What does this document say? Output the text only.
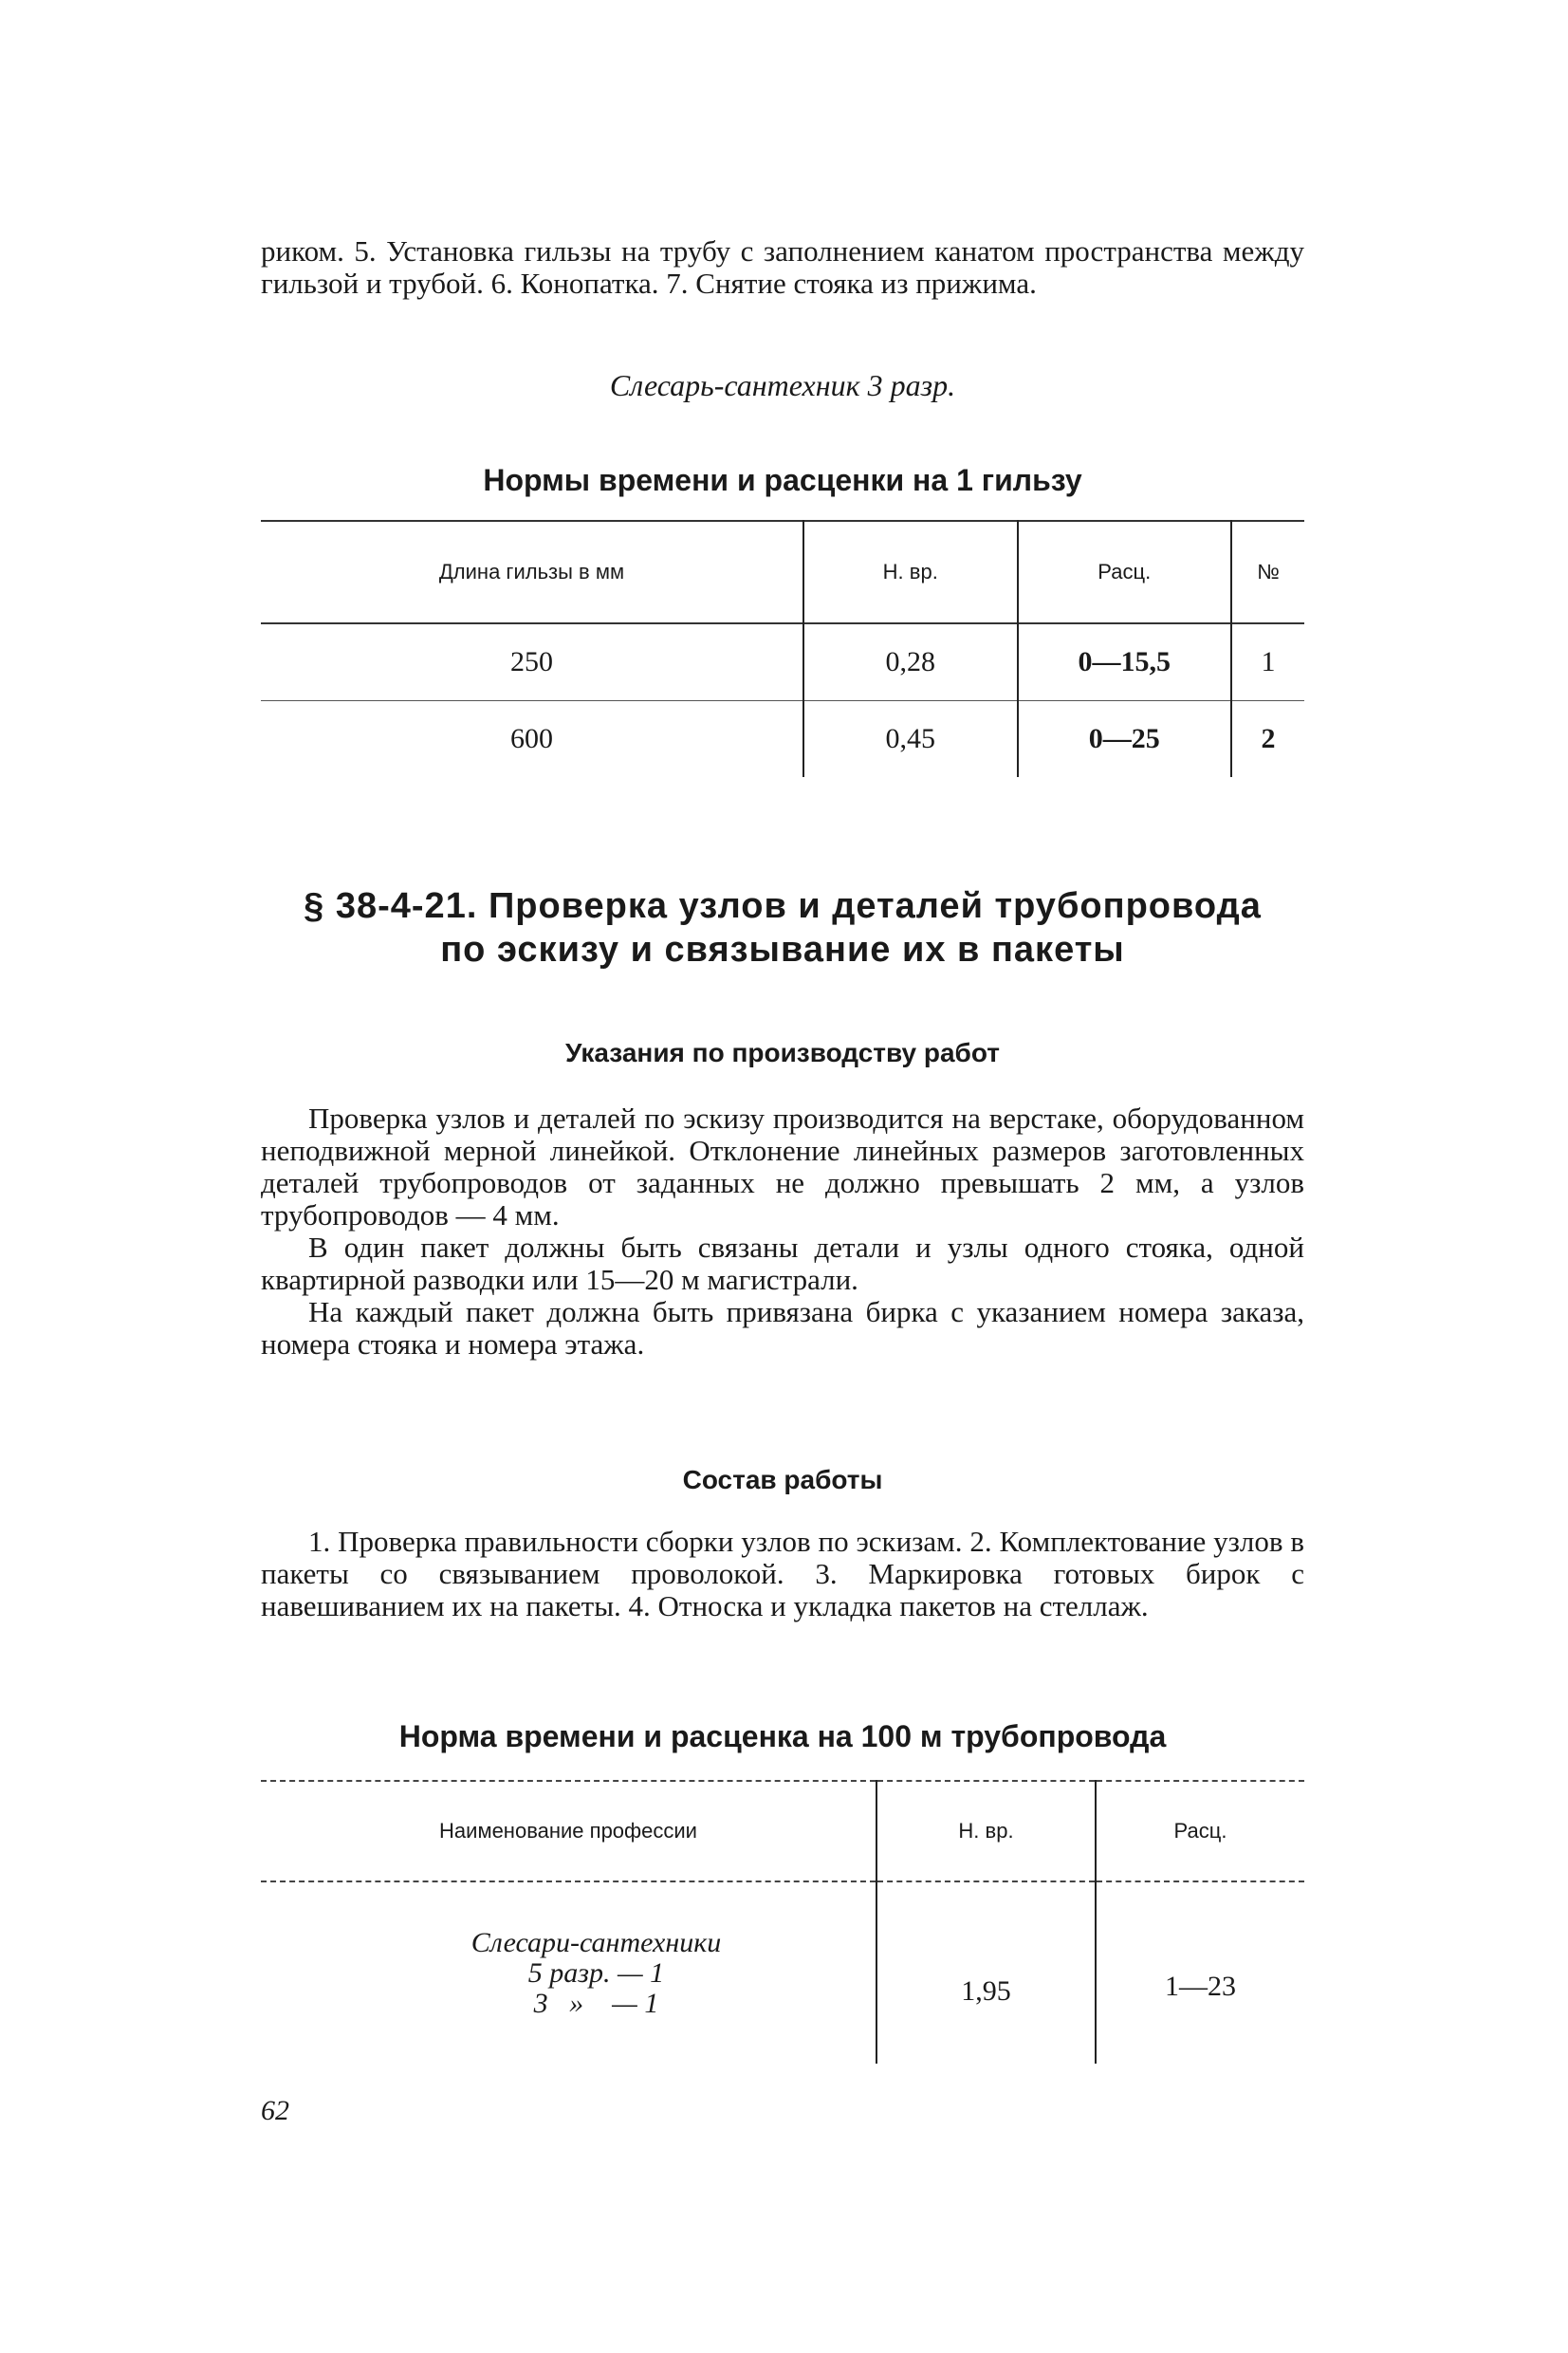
риком. 5. Установка гильзы на трубу с заполнением канатом пространства между гильзой и трубой. 6. Конопатка. 7. Снятие стояка из прижима.

Слесарь-сантехник 3 разр.
Нормы времени и расценки на 1 гильзу
Длина гильзы в мм	Н. вр.	Расц.	№
250	0,28	0—15,5	1
600	0,45	0—25	2
§ 38-4-21. Проверка узлов и деталей трубопровода
по эскизу и связывание их в пакеты
Указания по производству работ

Проверка узлов и деталей по эскизу производится на верстаке, оборудованном неподвижной мерной линейкой. Отклонение линейных размеров заготовленных деталей трубопроводов от заданных не должно превышать 2 мм, а узлов трубопроводов — 4 мм.

В один пакет должны быть связаны детали и узлы одного стояка, одной квартирной разводки или 15—20 м магистрали.

На каждый пакет должна быть привязана бирка с указанием номера заказа, номера стояка и номера этажа.

Состав работы

1. Проверка правильности сборки узлов по эскизам. 2. Комплектование узлов в пакеты со связыванием проволокой. 3. Маркировка готовых бирок с навешиванием их на пакеты. 4. Относка и укладка пакетов на стеллаж.

Норма времени и расценка на 100 м трубопровода
Наименование профессии	Н. вр.	Расц.

Слесари-сантехники
5 разр. — 1
3   »    — 1	1,95	1—23
62
